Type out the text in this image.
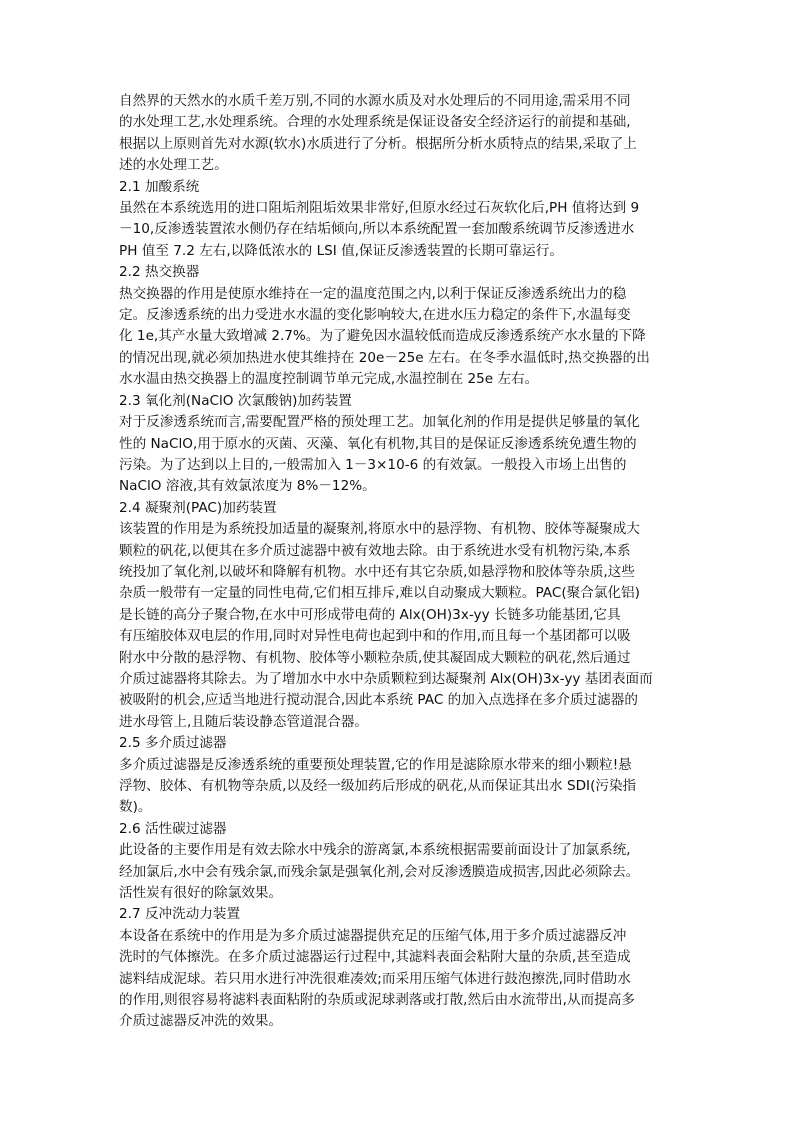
自然界的天然水的水质千差万别,不同的水源水质及对水处理后的不同用途,需采用不同
的水处理工艺,水处理系统。合理的水处理系统是保证设备安全经济运行的前提和基础,
根据以上原则首先对水源(软水)水质进行了分析。根据所分析水质特点的结果,采取了上
述的水处理工艺。
2.1 加酸系统
虽然在本系统选用的进口阻垢剂阻垢效果非常好,但原水经过石灰软化后,PH 值将达到 9
－10,反渗透装置浓水侧仍存在结垢倾向,所以本系统配置一套加酸系统调节反渗透进水
PH 值至 7.2 左右,以降低浓水的 LSI 值,保证反渗透装置的长期可靠运行。
2.2 热交换器
热交换器的作用是使原水维持在一定的温度范围之内,以利于保证反渗透系统出力的稳
定。反渗透系统的出力受进水水温的变化影响较大,在进水压力稳定的条件下,水温每变
化 1e,其产水量大致增减 2.7%。为了避免因水温较低而造成反渗透系统产水水量的下降
的情况出现,就必须加热进水使其维持在 20e－25e 左右。在冬季水温低时,热交换器的出
水水温由热交换器上的温度控制调节单元完成,水温控制在 25e 左右。
2.3 氧化剂(NaClO 次氯酸钠)加药装置
对于反渗透系统而言,需要配置严格的预处理工艺。加氧化剂的作用是提供足够量的氧化
性的 NaClO,用于原水的灭菌、灭藻、氧化有机物,其目的是保证反渗透系统免遭生物的
污染。为了达到以上目的,一般需加入 1－3×10-6 的有效氯。一般投入市场上出售的
NaClO 溶液,其有效氯浓度为 8%－12%。
2.4 凝聚剂(PAC)加药装置
该装置的作用是为系统投加适量的凝聚剂,将原水中的悬浮物、有机物、胶体等凝聚成大
颗粒的矾花,以便其在多介质过滤器中被有效地去除。由于系统进水受有机物污染,本系
统投加了氧化剂,以破坏和降解有机物。水中还有其它杂质,如悬浮物和胶体等杂质,这些
杂质一般带有一定量的同性电荷,它们相互排斥,难以自动聚成大颗粒。PAC(聚合氯化铝)
是长链的高分子聚合物,在水中可形成带电荷的 Alx(OH)3x-yy 长链多功能基团,它具
有压缩胶体双电层的作用,同时对异性电荷也起到中和的作用,而且每一个基团都可以吸
附水中分散的悬浮物、有机物、胶体等小颗粒杂质,使其凝固成大颗粒的矾花,然后通过
介质过滤器将其除去。为了增加水中水中杂质颗粒到达凝聚剂 Alx(OH)3x-yy 基团表面而
被吸附的机会,应适当地进行搅动混合,因此本系统 PAC 的加入点选择在多介质过滤器的
进水母管上,且随后装设静态管道混合器。
2.5 多介质过滤器
多介质过滤器是反渗透系统的重要预处理装置,它的作用是滤除原水带来的细小颗粒!悬
浮物、胶体、有机物等杂质,以及经一级加药后形成的矾花,从而保证其出水 SDI(污染指
数)。
2.6 活性碳过滤器
此设备的主要作用是有效去除水中残余的游离氯,本系统根据需要前面设计了加氯系统,
经加氯后,水中会有残余氯,而残余氯是强氧化剂,会对反渗透膜造成损害,因此必须除去。
活性炭有很好的除氯效果。
2.7 反冲洗动力装置
本设备在系统中的作用是为多介质过滤器提供充足的压缩气体,用于多介质过滤器反冲
洗时的气体擦洗。在多介质过滤器运行过程中,其滤料表面会粘附大量的杂质,甚至造成
滤料结成泥球。若只用水进行冲洗很难凑效;而采用压缩气体进行鼓泡擦洗,同时借助水
的作用,则很容易将滤料表面粘附的杂质或泥球剥落或打散,然后由水流带出,从而提高多
介质过滤器反冲洗的效果。
